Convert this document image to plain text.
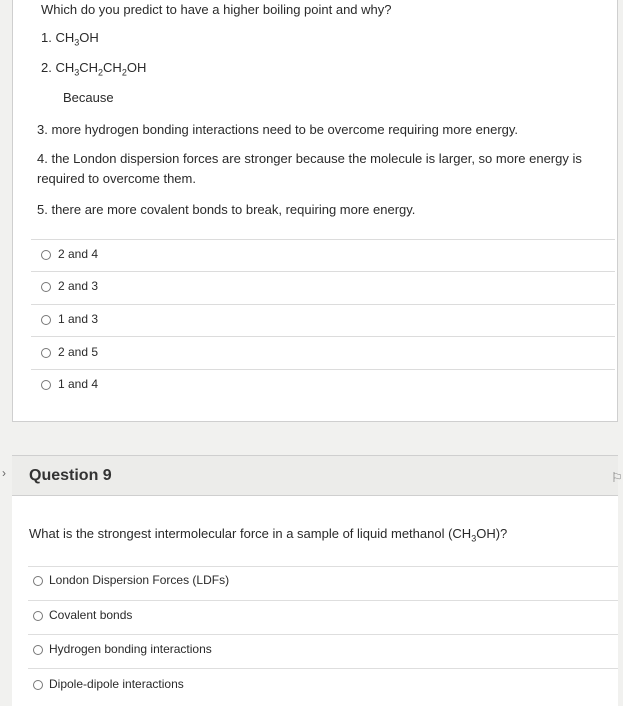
Which do you predict to have a higher boiling point and why?
1. $CH_3OH$
2. $CH_3CH_2CH_2OH$
Because
3. more hydrogen bonding interactions need to be overcome requiring more energy.
4. the London dispersion forces are stronger because the molecule is larger, so more energy is required to overcome them.
5. there are more covalent bonds to break, requiring more energy.
2 and 4
2 and 3
1 and 3
2 and 5
1 and 4
› Question 9	⚐
What is the strongest intermolecular force in a sample of liquid methanol $(CH_3OH)$?
London Dispersion Forces (LDFs)
Covalent bonds
Hydrogen bonding interactions
Dipole-dipole interactions
